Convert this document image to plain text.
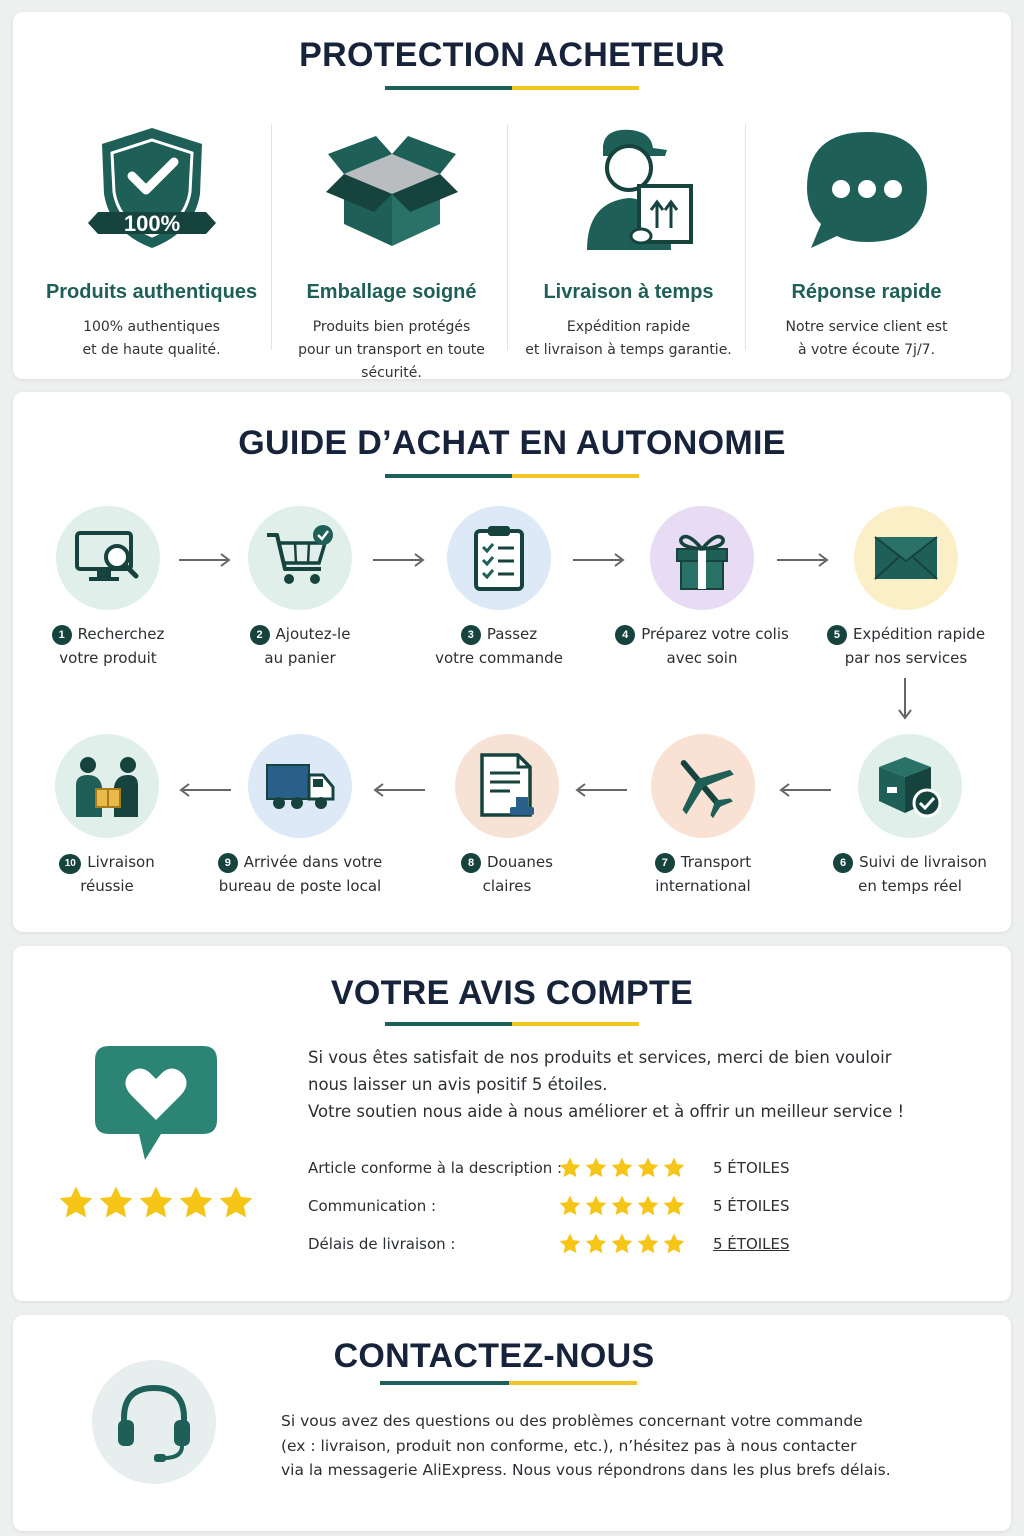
PROTECTION ACHETEUR
100%
Produits authentiques
100% authentiques
et de haute qualité.
Emballage soigné
Produits bien protégés
pour un transport en toute sécurité.
Livraison à temps
Expédition rapide
et livraison à temps garantie.
Réponse rapide
Notre service client est
à votre écoute 7j/7.
GUIDE D’ACHAT EN AUTONOMIE
1 Recherchez
votre produit
2 Ajoutez-le
au panier
3 Passez
votre commande
4 Préparez votre colis
avec soin
5 Expédition rapide
par nos services
10 Livraison
réussie
9 Arrivée dans votre
bureau de poste local
8 Douanes
claires
7 Transport
international
6 Suivi de livraison
en temps réel
VOTRE AVIS COMPTE
Si vous êtes satisfait de nos produits et services, merci de bien vouloir
nous laisser un avis positif 5 étoiles.
Votre soutien nous aide à nous améliorer et à offrir un meilleur service !
Article conforme à la description :	5 ÉTOILES
Communication :	5 ÉTOILES
Délais de livraison :	5 ÉTOILES
CONTACTEZ-NOUS
Si vous avez des questions ou des problèmes concernant votre commande
(ex : livraison, produit non conforme, etc.), n’hésitez pas à nous contacter
via la messagerie AliExpress. Nous vous répondrons dans les plus brefs délais.
